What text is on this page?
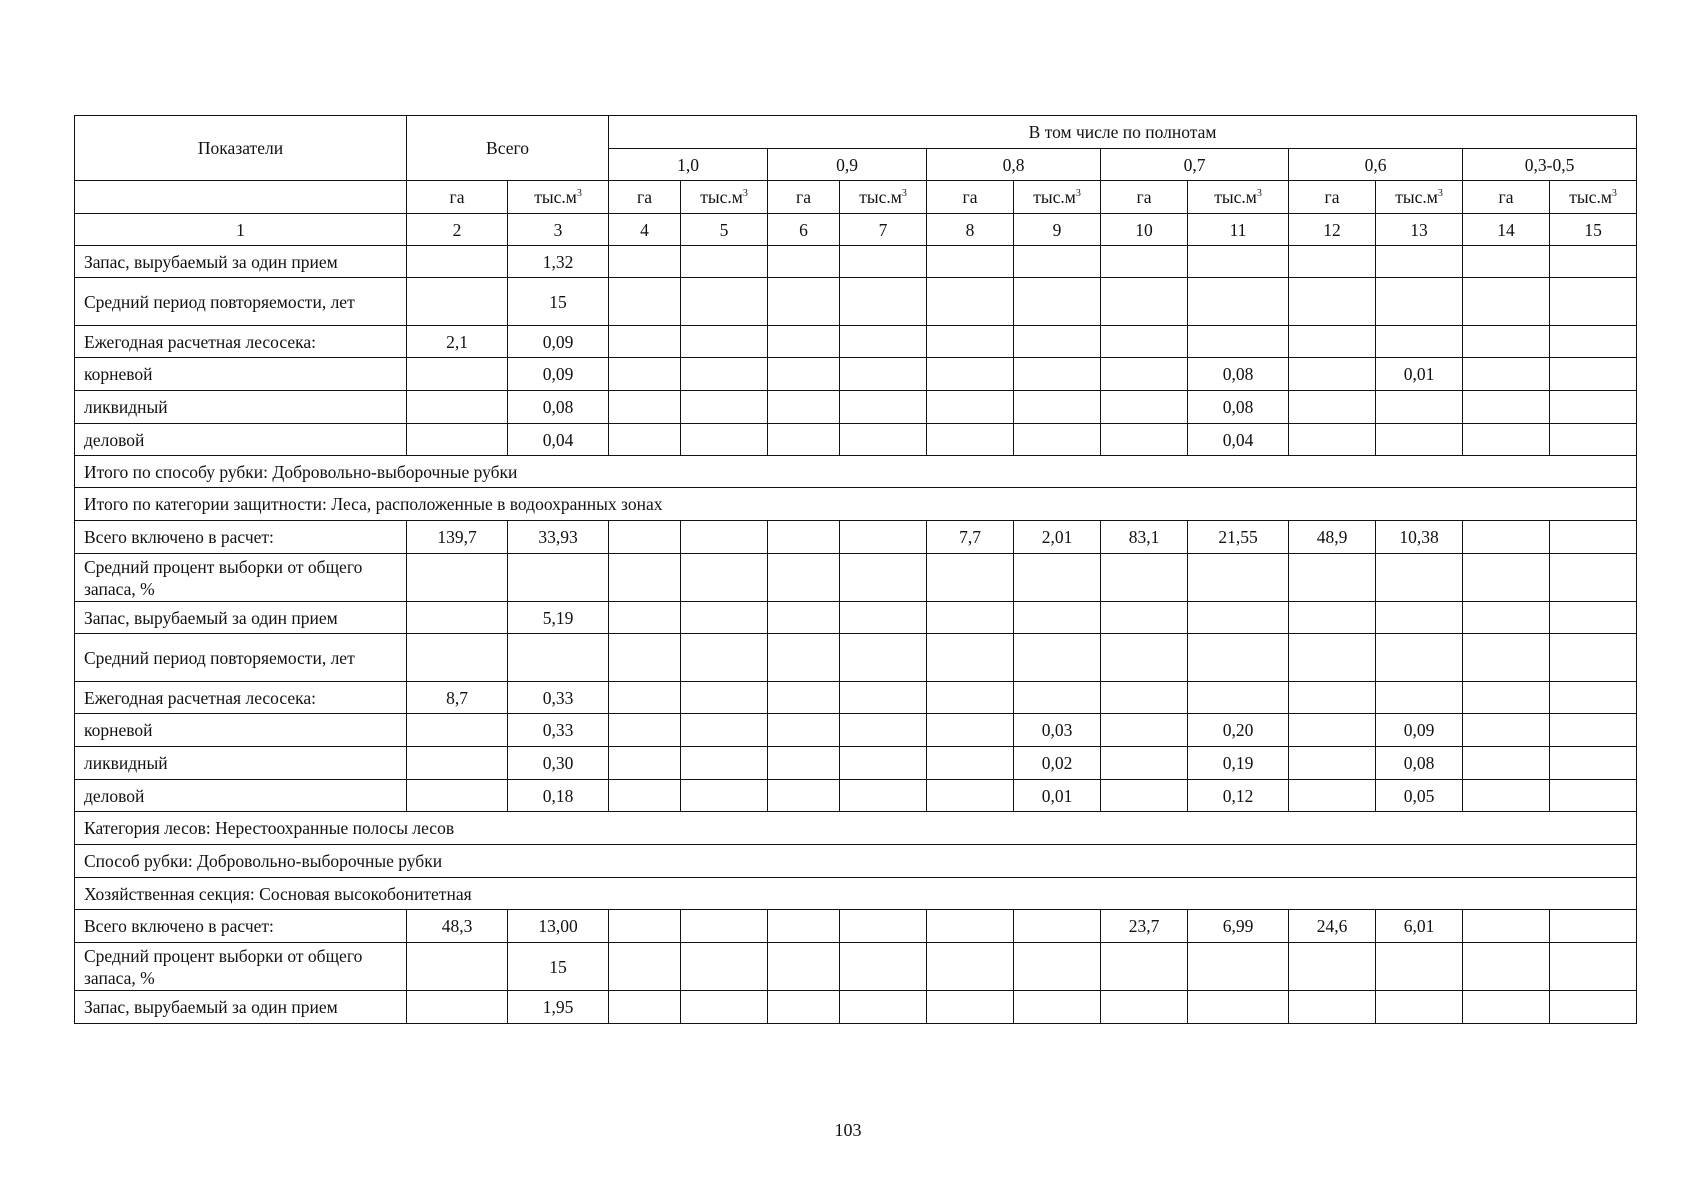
Показатели	Всего		В том числе по полнотам											
			1,0		0,9		0,8		0,7		0,6		0,3-0,5	
	га	$тыс.м^3$	га	$тыс.м^3$	га	$тыс.м^3$	га	$тыс.м^3$	га	$тыс.м^3$	га	$тыс.м^3$	га	$тыс.м^3$
1	2	3	4	5	6	7	8	9	10	11	12	13	14	15
Запас, вырубаемый за один прием		1,32												
Средний период повторяемости, лет		15												
Ежегодная расчетная лесосека:	2,1	0,09												
корневой		0,09								0,08		0,01		
ликвидный		0,08								0,08				
деловой		0,04								0,04				
Итого по способу рубки: Добровольно-выборочные рубки														
Итого по категории защитности: Леса, расположенные в водоохранных зонах														
Всего включено в расчет:	139,7	33,93					7,7	2,01	83,1	21,55	48,9	10,38		
Средний процент выборки от общего запаса, %														
Запас, вырубаемый за один прием		5,19												
Средний период повторяемости, лет														
Ежегодная расчетная лесосека:	8,7	0,33												
корневой		0,33						0,03		0,20		0,09		
ликвидный		0,30						0,02		0,19		0,08		
деловой		0,18						0,01		0,12		0,05		
Категория лесов: Нерестоохранные полосы лесов														
Способ рубки: Добровольно-выборочные рубки														
Хозяйственная секция: Сосновая высокобонитетная														
Всего включено в расчет:	48,3	13,00							23,7	6,99	24,6	6,01		
Средний процент выборки от общего запаса, %		15												
Запас, вырубаемый за один прием		1,95												
103
